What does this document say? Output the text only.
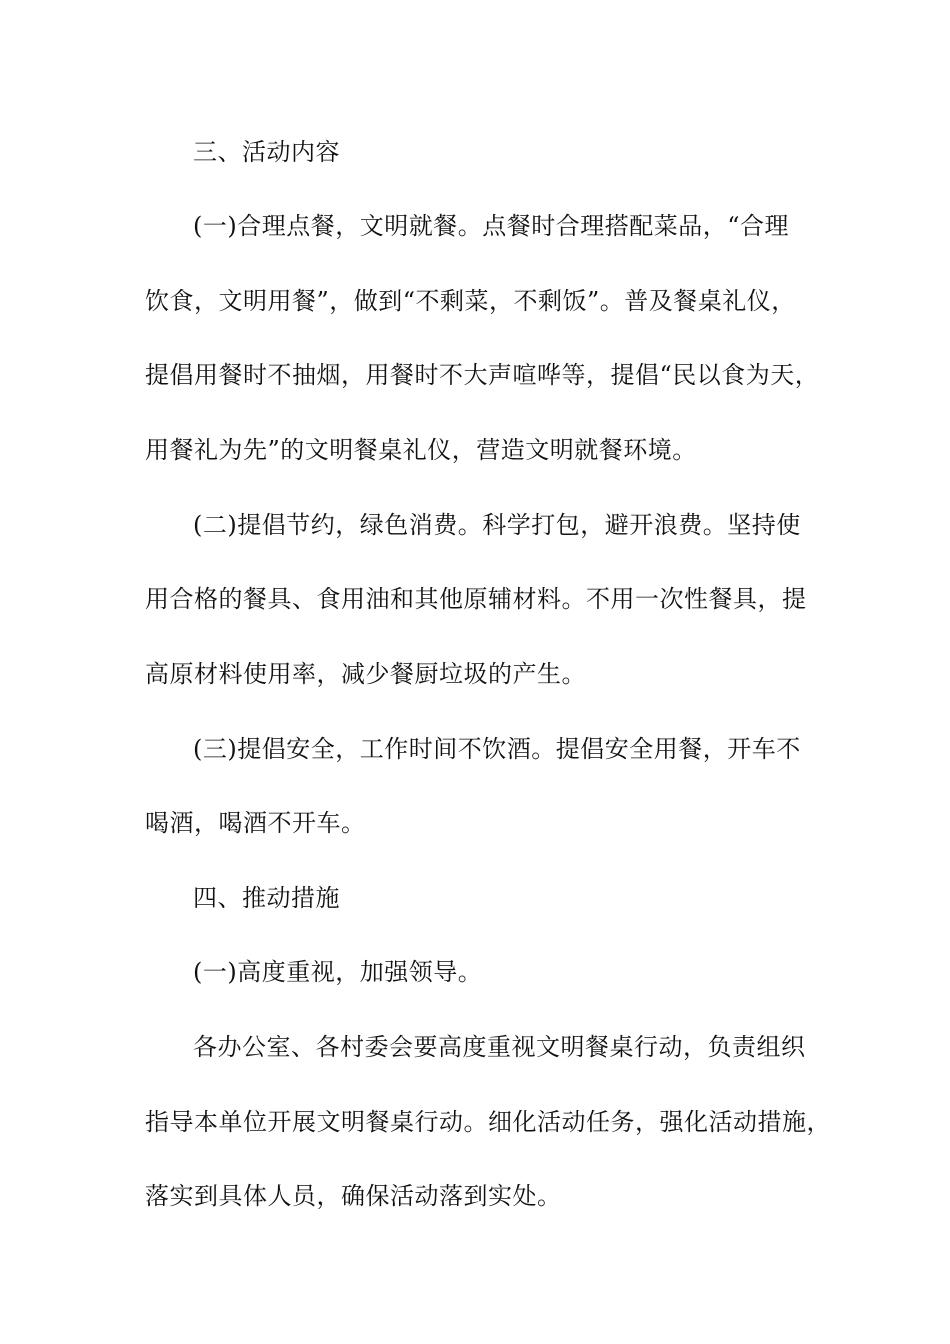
三、活动内容
(一)合理点餐，文明就餐。点餐时合理搭配菜品，“合理
饮食，文明用餐”，做到“不剩菜，不剩饭”。普及餐桌礼仪，
提倡用餐时不抽烟，用餐时不大声喧哗等，提倡“民以食为天，
用餐礼为先”的文明餐桌礼仪，营造文明就餐环境。
(二)提倡节约，绿色消费。科学打包，避开浪费。坚持使
用合格的餐具、食用油和其他原辅材料。不用一次性餐具，提
高原材料使用率，减少餐厨垃圾的产生。
(三)提倡安全，工作时间不饮酒。提倡安全用餐，开车不
喝酒，喝酒不开车。
四、推动措施
(一)高度重视，加强领导。
各办公室、各村委会要高度重视文明餐桌行动，负责组织
指导本单位开展文明餐桌行动。细化活动任务，强化活动措施，
落实到具体人员，确保活动落到实处。
